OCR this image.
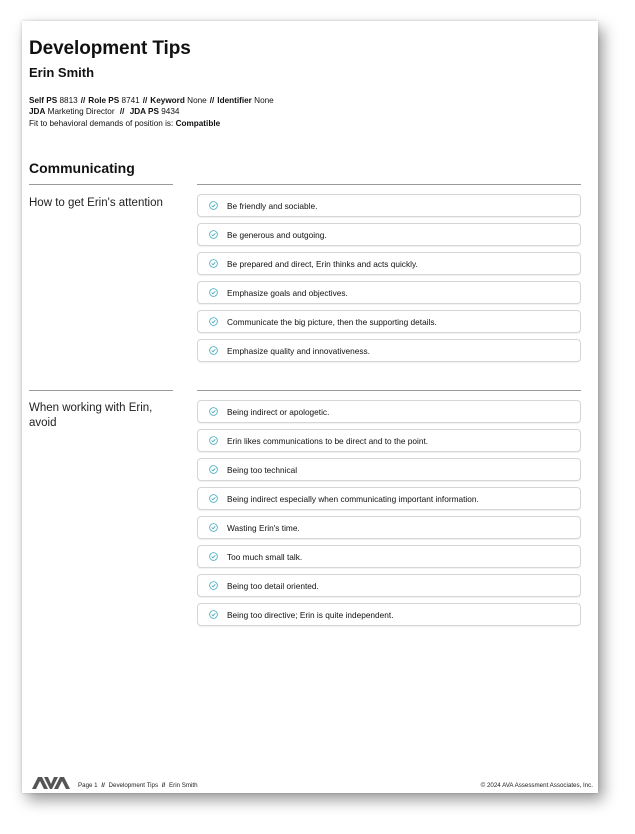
Development Tips
Erin Smith
Self PS 8813 // Role PS 8741 // Keyword None // Identifier None
JDA Marketing Director // JDA PS 9434
Fit to behavioral demands of position is: Compatible
Communicating
How to get Erin's attention	Be friendly and sociable.
Be generous and outgoing.
Be prepared and direct, Erin thinks and acts quickly.
Emphasize goals and objectives.
Communicate the big picture, then the supporting details.
Emphasize quality and innovativeness.
When working with Erin, avoid
Being indirect or apologetic.
Erin likes communications to be direct and to the point.
Being too technical
Being indirect especially when communicating important information.
Wasting Erin's time.
Too much small talk.
Being too detail oriented.
Being too directive; Erin is quite independent.
Page 1 // Development Tips // Erin Smith	© 2024 AVA Assessment Associates, Inc.
